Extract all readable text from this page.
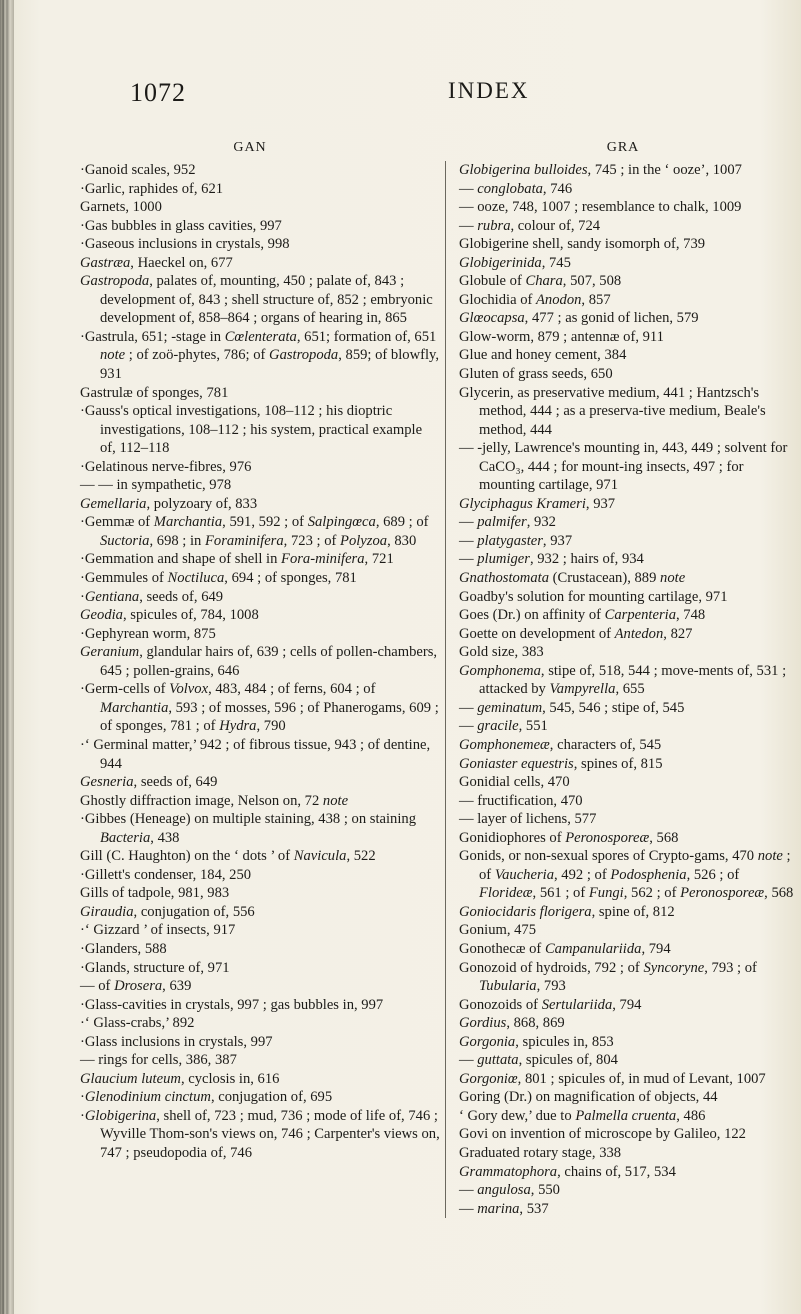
1072	INDEX
GAN

·Ganoid scales, 952

·Garlic, raphides of, 621

Garnets, 1000

·Gas bubbles in glass cavities, 997

·Gaseous inclusions in crystals, 998

Gastræa, Haeckel on, 677

Gastropoda, palates of, mounting, 450 ; palate of, 843 ; development of, 843 ; shell structure of, 852 ; embryonic development of, 858–864 ; organs of hearing in, 865

·Gastrula, 651; -stage in Cœlenterata, 651; formation of, 651 note ; of zoö-phytes, 786; of Gastropoda, 859; of blowfly, 931

Gastrulæ of sponges, 781

·Gauss's optical investigations, 108–112 ; his dioptric investigations, 108–112 ; his system, practical example of, 112–118

·Gelatinous nerve-fibres, 976

— — in sympathetic, 978

Gemellaria, polyzoary of, 833

·Gemmæ of Marchantia, 591, 592 ; of Salpingœca, 689 ; of Suctoria, 698 ; in Foraminifera, 723 ; of Polyzoa, 830

·Gemmation and shape of shell in Fora-minifera, 721

·Gemmules of Noctiluca, 694 ; of sponges, 781

·Gentiana, seeds of, 649

Geodia, spicules of, 784, 1008

·Gephyrean worm, 875

Geranium, glandular hairs of, 639 ; cells of pollen-chambers, 645 ; pollen-grains, 646

·Germ-cells of Volvox, 483, 484 ; of ferns, 604 ; of Marchantia, 593 ; of mosses, 596 ; of Phanerogams, 609 ; of sponges, 781 ; of Hydra, 790

·‘ Germinal matter,’ 942 ; of fibrous tissue, 943 ; of dentine, 944

Gesneria, seeds of, 649

Ghostly diffraction image, Nelson on, 72 note

·Gibbes (Heneage) on multiple staining, 438 ; on staining Bacteria, 438

Gill (C. Haughton) on the ‘ dots ’ of Navicula, 522

·Gillett's condenser, 184, 250

Gills of tadpole, 981, 983

Giraudia, conjugation of, 556

·‘ Gizzard ’ of insects, 917

·Glanders, 588

·Glands, structure of, 971

— of Drosera, 639

·Glass-cavities in crystals, 997 ; gas bubbles in, 997

·‘ Glass-crabs,’ 892

·Glass inclusions in crystals, 997

— rings for cells, 386, 387

Glaucium luteum, cyclosis in, 616

·Glenodinium cinctum, conjugation of, 695

·Globigerina, shell of, 723 ; mud, 736 ; mode of life of, 746 ; Wyville Thom-son's views on, 746 ; Carpenter's views on, 747 ; pseudopodia of, 746

GRA

Globigerina bulloides, 745 ; in the ‘ ooze’, 1007

— conglobata, 746

— ooze, 748, 1007 ; resemblance to chalk, 1009

— rubra, colour of, 724

Globigerine shell, sandy isomorph of, 739

Globigerinida, 745

Globule of Chara, 507, 508

Glochidia of Anodon, 857

Glœocapsa, 477 ; as gonid of lichen, 579

Glow-worm, 879 ; antennæ of, 911

Glue and honey cement, 384

Gluten of grass seeds, 650

Glycerin, as preservative medium, 441 ; Hantzsch's method, 444 ; as a preserva-tive medium, Beale's method, 444

— -jelly, Lawrence's mounting in, 443, 449 ; solvent for CaCO₃, 444 ; for mount-ing insects, 497 ; for mounting cartilage, 971

Glyciphagus Krameri, 937

— palmifer, 932

— platygaster, 937

— plumiger, 932 ; hairs of, 934

Gnathostomata (Crustacean), 889 note

Goadby's solution for mounting cartilage, 971

Goes (Dr.) on affinity of Carpenteria, 748

Goette on development of Antedon, 827

Gold size, 383

Gomphonema, stipe of, 518, 544 ; move-ments of, 531 ; attacked by Vampyrella, 655

— geminatum, 545, 546 ; stipe of, 545

— gracile, 551

Gomphonemeæ, characters of, 545

Goniaster equestris, spines of, 815

Gonidial cells, 470

— fructification, 470

— layer of lichens, 577

Gonidiophores of Peronosporeæ, 568

Gonids, or non-sexual spores of Crypto-gams, 470 note ; of Vaucheria, 492 ; of Podosphenia, 526 ; of Florideæ, 561 ; of Fungi, 562 ; of Peronosporeæ, 568

Goniocidaris florigera, spine of, 812

Gonium, 475

Gonothecæ of Campanulariida, 794

Gonozoid of hydroids, 792 ; of Syncoryne, 793 ; of Tubularia, 793

Gonozoids of Sertulariida, 794

Gordius, 868, 869

Gorgonia, spicules in, 853

— guttata, spicules of, 804

Gorgoniœ, 801 ; spicules of, in mud of Levant, 1007

Goring (Dr.) on magnification of objects, 44

‘ Gory dew,’ due to Palmella cruenta, 486

Govi on invention of microscope by Galileo, 122

Graduated rotary stage, 338

Grammatophora, chains of, 517, 534

— angulosa, 550

— marina, 537
